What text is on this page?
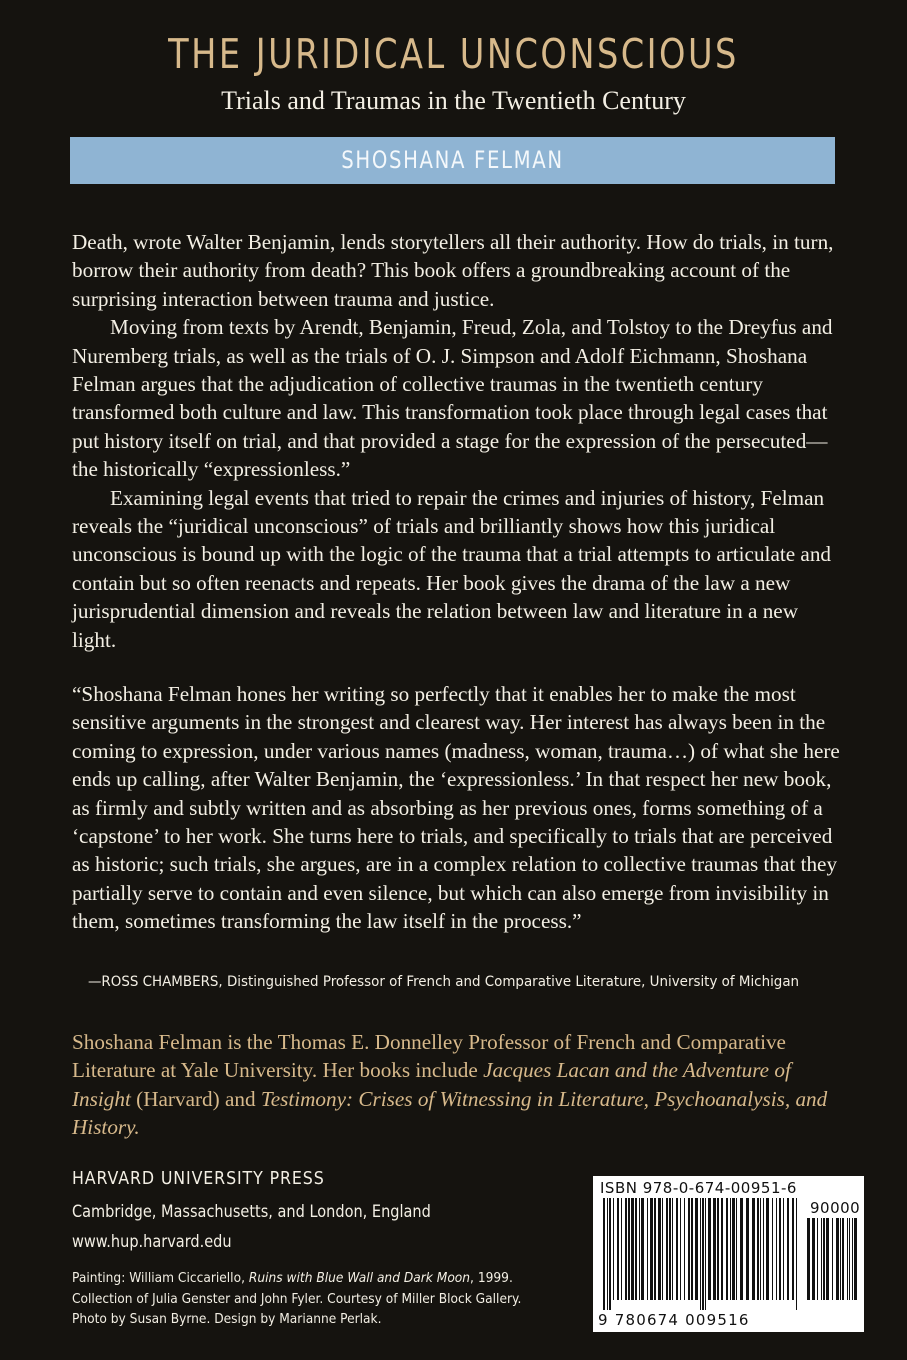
THE JURIDICAL UNCONSCIOUS
Trials and Traumas in the Twentieth Century
SHOSHANA FELMAN

Death, wrote Walter Benjamin, lends storytellers all their authority. How do trials, in turn, borrow their authority from death? This book offers a groundbreaking account of the surprising interaction between trauma and justice.

Moving from texts by Arendt, Benjamin, Freud, Zola, and Tolstoy to the Dreyfus and Nuremberg trials, as well as the trials of O. J. Simpson and Adolf Eichmann, Shoshana Felman argues that the adjudication of collective traumas in the twentieth century transformed both culture and law. This transformation took place through legal cases that put history itself on trial, and that provided a stage for the expression of the persecuted—the historically “expressionless.”

Examining legal events that tried to repair the crimes and injuries of history, Felman reveals the “juridical unconscious” of trials and brilliantly shows how this juridical unconscious is bound up with the logic of the trauma that a trial attempts to articulate and contain but so often reenacts and repeats. Her book gives the drama of the law a new jurisprudential dimension and reveals the relation between law and literature in a new light.

“Shoshana Felman hones her writing so perfectly that it enables her to make the most sensitive arguments in the strongest and clearest way. Her interest has always been in the coming to expression, under various names (madness, woman, trauma…) of what she here ends up calling, after Walter Benjamin, the ‘expressionless.’ In that respect her new book, as firmly and subtly written and as absorbing as her previous ones, forms something of a ‘capstone’ to her work. She turns here to trials, and specifically to trials that are perceived as historic; such trials, she argues, are in a complex relation to collective traumas that they partially serve to contain and even silence, but which can also emerge from invisibility in them, sometimes transforming the law itself in the process.”

—ROSS CHAMBERS, Distinguished Professor of French and Comparative Literature, University of Michigan

Shoshana Felman is the Thomas E. Donnelley Professor of French and Comparative Literature at Yale University. Her books include Jacques Lacan and the Adventure of Insight (Harvard) and Testimony: Crises of Witnessing in Literature, Psychoanalysis, and History.

HARVARD UNIVERSITY PRESS
Cambridge, Massachusetts, and London, England
www.hup.harvard.edu

Painting: William Ciccariello, Ruins with Blue Wall and Dark Moon, 1999.

Collection of Julia Genster and John Fyler. Courtesy of Miller Block Gallery.

Photo by Susan Byrne. Design by Marianne Perlak.

ISBN 978-0-674-00951-6
90000
9 780674 009516
